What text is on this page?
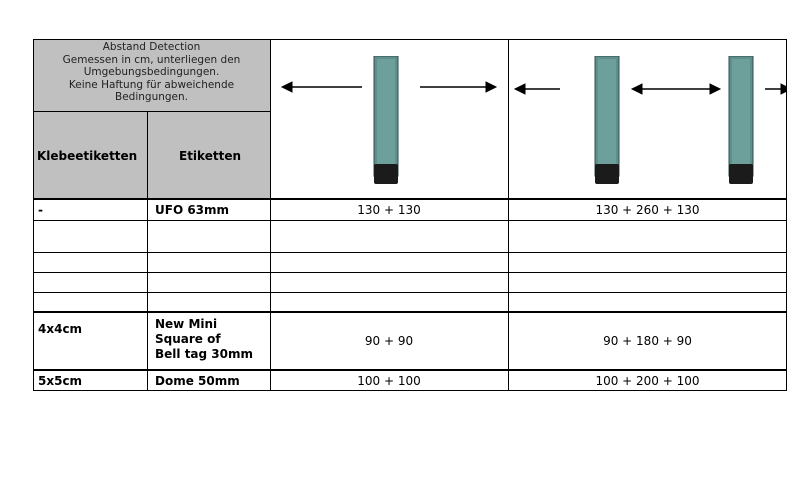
Abstand Detection
Gemessen in cm, unterliegen den
Umgebungsbedingungen.
Keine Haftung für abweichende
Bedingungen.
Klebeetiketten	Etiketten
-	UFO 63mm	130 + 130	130 + 260 + 130
4x4cm	New Mini
Square of
Bell tag 30mm
90 + 90	90 + 180 + 90
5x5cm	Dome 50mm	100 + 100	100 + 200 + 100
